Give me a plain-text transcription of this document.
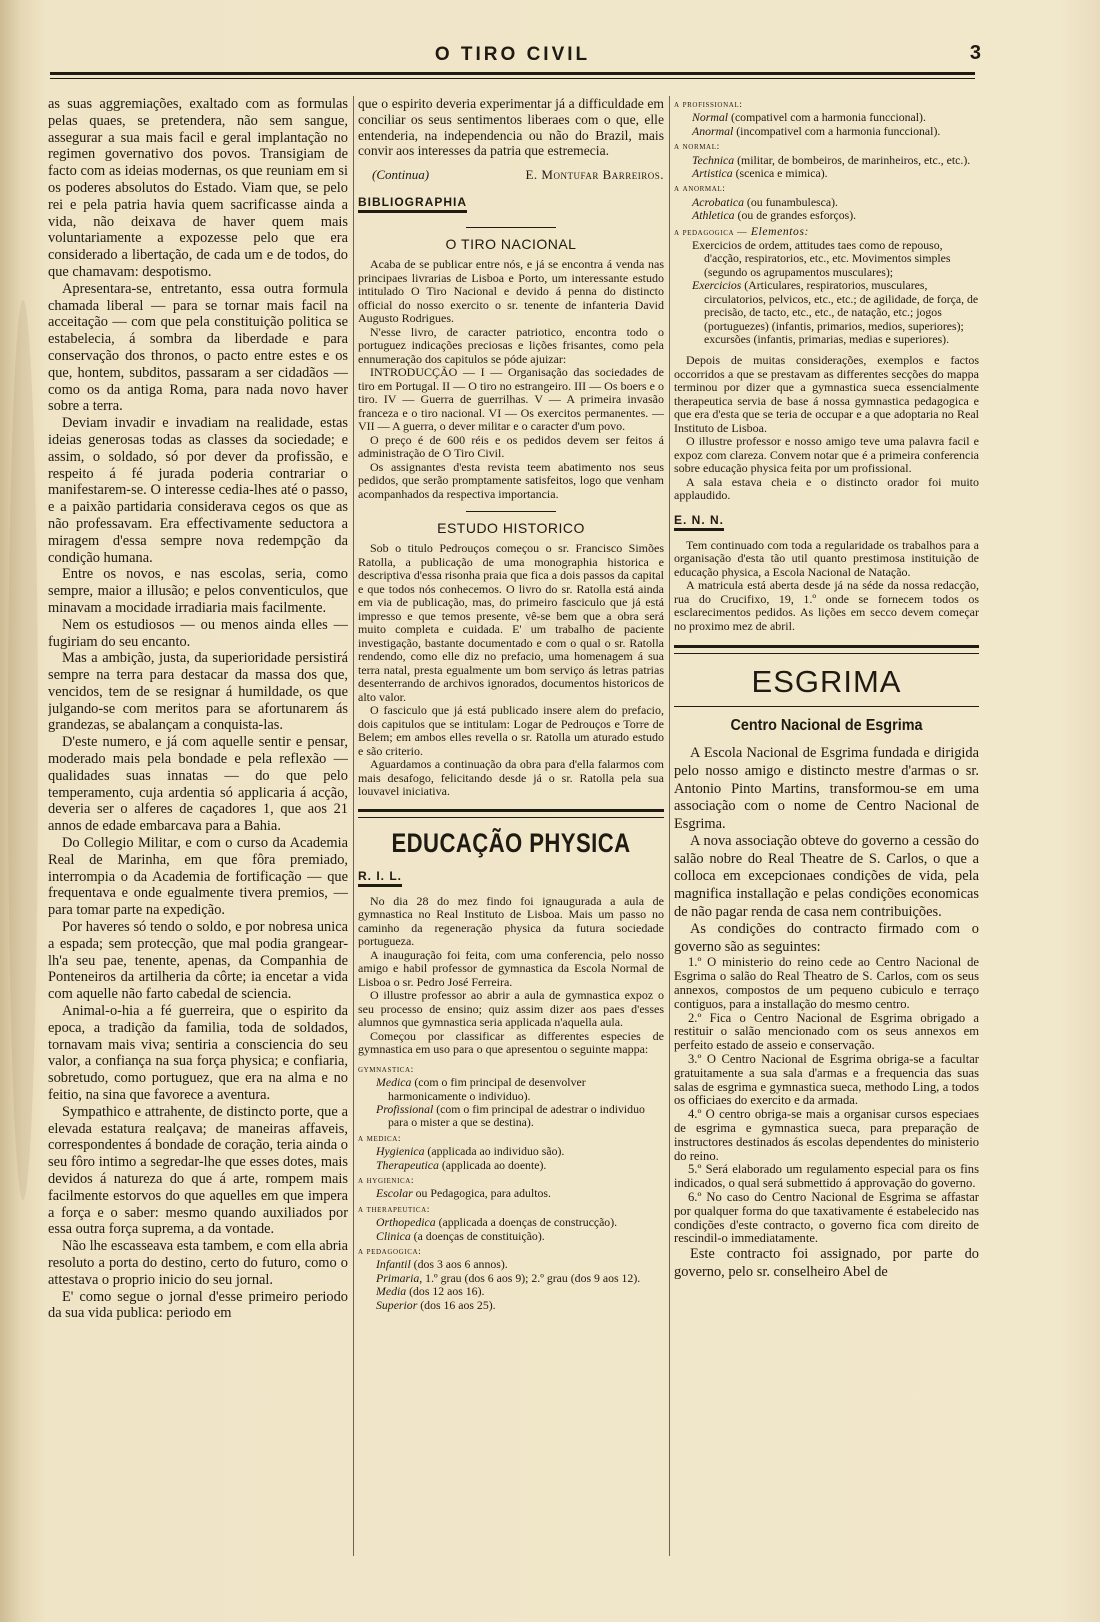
O TIRO CIVIL	3

as suas aggremiações, exaltado com as formulas pelas quaes, se pretendera, não sem sangue, assegurar a sua mais facil e geral implantação no regimen governativo dos povos. Transigiam de facto com as ideias modernas, os que reuniam em si os poderes absolutos do Estado. Viam que, se pelo rei e pela patria havia quem sacrificasse ainda a vida, não deixava de haver quem mais voluntariamente a expozesse pelo que era considerado a libertação, de cada um e de todos, do que chamavam: despotismo.

Apresentara-se, entretanto, essa outra formula chamada liberal — para se tornar mais facil na acceitação — com que pela constituição politica se estabelecia, á sombra da liberdade e para conservação dos thronos, o pacto entre estes e os que, hontem, subditos, passaram a ser cidadãos — como os da antiga Roma, para nada novo haver sobre a terra.

Deviam invadir e invadiam na realidade, estas ideias generosas todas as classes da sociedade; e assim, o soldado, só por dever da profissão, e respeito á fé jurada poderia contrariar o manifestarem-se. O interesse cedia-lhes até o passo, e a paixão partidaria considerava cegos os que as não professavam. Era effectivamente seductora a miragem d'essa sempre nova redempção da condição humana.

Entre os novos, e nas escolas, seria, como sempre, maior a illusão; e pelos conventiculos, que minavam a mocidade irradiaria mais facilmente.

Nem os estudiosos — ou menos ainda elles — fugiriam do seu encanto.

Mas a ambição, justa, da superioridade persistirá sempre na terra para destacar da massa dos que, vencidos, tem de se resignar á humildade, os que julgando-se com meritos para se afortunarem ás grandezas, se abalançam a conquista-las.

D'este numero, e já com aquelle sentir e pensar, moderado mais pela bondade e pela reflexão — qualidades suas innatas — do que pelo temperamento, cuja ardentia só applicaria á acção, deveria ser o alferes de caçadores 1, que aos 21 annos de edade embarcava para a Bahia.

Do Collegio Militar, e com o curso da Academia Real de Marinha, em que fôra premiado, interrompia o da Academia de fortificação — que frequentava e onde egualmente tivera premios, — para tomar parte na expedição.

Por haveres só tendo o soldo, e por nobresa unica a espada; sem protecção, que mal podia grangear-lh'a seu pae, tenente, apenas, da Companhia de Ponteneiros da artilheria da côrte; ia encetar a vida com aquelle não farto cabedal de sciencia.

Animal-o-hia a fé guerreira, que o espirito da epoca, a tradição da familia, toda de soldados, tornavam mais viva; sentiria a consciencia do seu valor, a confiança na sua força physica; e confiaria, sobretudo, como portuguez, que era na alma e no feitio, na sina que favorece a aventura.

Sympathico e attrahente, de distincto porte, que a elevada estatura realçava; de maneiras affaveis, correspondentes á bondade de coração, teria ainda o seu fôro intimo a segredar-lhe que esses dotes, mais devidos á natureza do que á arte, rompem mais facilmente estorvos do que aquelles em que impera a força e o saber: mesmo quando auxiliados por essa outra força suprema, a da vontade.

Não lhe escasseava esta tambem, e com ella abria resoluto a porta do destino, certo do futuro, como o attestava o proprio inicio do seu jornal.

E' como segue o jornal d'esse primeiro periodo da sua vida publica: periodo em

que o espirito deveria experimentar já a difficuldade em conciliar os seus sentimentos liberaes com o que, elle entenderia, na independencia ou não do Brazil, mais convir aos interesses da patria que estremecia.

(Continua)	E. Montufar Barreiros.
BIBLIOGRAPHIA
O TIRO NACIONAL

Acaba de se publicar entre nós, e já se encontra á venda nas principaes livrarias de Lisboa e Porto, um interessante estudo intitulado O Tiro Nacional e devido á penna do distincto official do nosso exercito o sr. tenente de infanteria David Augusto Rodrigues.

N'esse livro, de caracter patriotico, encontra todo o portuguez indicações preciosas e lições frisantes, como pela ennumeração dos capitulos se póde ajuizar:

INTRODUCÇÃO — I — Organisação das sociedades de tiro em Portugal. II — O tiro no estrangeiro. III — Os boers e o tiro. IV — Guerra de guerrilhas. V — A primeira invasão franceza e o tiro nacional. VI — Os exercitos permanentes. — VII — A guerra, o dever militar e o caracter d'um povo.

O preço é de 600 réis e os pedidos devem ser feitos á administração de O Tiro Civil.

Os assignantes d'esta revista teem abatimento nos seus pedidos, que serão promptamente satisfeitos, logo que venham acompanhados da respectiva importancia.

ESTUDO HISTORICO

Sob o titulo Pedrouços começou o sr. Francisco Simões Ratolla, a publicação de uma monographia historica e descriptiva d'essa risonha praia que fica a dois passos da capital e que todos nós conhecemos. O livro do sr. Ratolla está ainda em via de publicação, mas, do primeiro fasciculo que já está impresso e que temos presente, vê-se bem que a obra será muito completa e cuidada. E' um trabalho de paciente investigação, bastante documentado e com o qual o sr. Ratolla rendendo, como elle diz no prefacio, uma homenagem á sua terra natal, presta egualmente um bom serviço ás letras patrias desenterrando de archivos ignorados, documentos historicos de alto valor.

O fasciculo que já está publicado insere alem do prefacio, dois capitulos que se intitulam: Logar de Pedrouços e Torre de Belem; em ambos elles revella o sr. Ratolla um aturado estudo e são criterio.

Aguardamos a continuação da obra para d'ella falarmos com mais desafogo, felicitando desde já o sr. Ratolla pela sua louvavel iniciativa.

EDUCAÇÃO PHYSICA
R. I. L.

No dia 28 do mez findo foi ignaugurada a aula de gymnastica no Real Instituto de Lisboa. Mais um passo no caminho da regeneração physica da futura sociedade portugueza.

A inauguração foi feita, com uma conferencia, pelo nosso amigo e habil professor de gymnastica da Escola Normal de Lisboa o sr. Pedro José Ferreira.

O illustre professor ao abrir a aula de gymnastica expoz o seu processo de ensino; quiz assim dizer aos paes d'esses alumnos que gymnastica seria applicada n'aquella aula.

Começou por classificar as differentes especies de gymnastica em uso para o que apresentou o seguinte mappa:

gymnastica:
Medica (com o fim principal de desenvolver harmonicamente o individuo).
Profissional (com o fim principal de adestrar o individuo para o mister a que se destina).
a medica:
Hygienica (applicada ao individuo são).
Therapeutica (applicada ao doente).
a hygienica:
Escolar ou Pedagogica, para adultos.
a therapeutica:
Orthopedica (applicada a doenças de construcção).
Clinica (a doenças de constituição).
a pedagogica:
Infantil (dos 3 aos 6 annos).
Primaria, 1.º grau (dos 6 aos 9); 2.º grau (dos 9 aos 12).
Media (dos 12 aos 16).
Superior (dos 16 aos 25).
a profissional:
Normal (compativel com a harmonia funccional).
Anormal (incompativel com a harmonia funccional).
a normal:
Technica (militar, de bombeiros, de marinheiros, etc., etc.).
Artistica (scenica e mimica).
a anormal:
Acrobatica (ou funambulesca).
Athletica (ou de grandes esforços).
a pedagogica — Elementos:
Exercicios de ordem, attitudes taes como de repouso, d'acção, respiratorios, etc., etc. Movimentos simples (segundo os agrupamentos musculares);
Exercicios (Articulares, respiratorios, musculares, circulatorios, pelvicos, etc., etc.; de agilidade, de força, de precisão, de tacto, etc., etc., de natação, etc.; jogos (portuguezes) (infantis, primarios, medios, superiores); excursões (infantis, primarias, medias e superiores).

Depois de muitas considerações, exemplos e factos occorridos a que se prestavam as differentes secções do mappa terminou por dizer que a gymnastica sueca essencialmente therapeutica servia de base á nossa gymnastica pedagogica e que era d'esta que se teria de occupar e a que adoptaria no Real Instituto de Lisboa.

O illustre professor e nosso amigo teve uma palavra facil e expoz com clareza. Convem notar que é a primeira conferencia sobre educação physica feita por um profissional.

A sala estava cheia e o distincto orador foi muito applaudido.

E. N. N.

Tem continuado com toda a regularidade os trabalhos para a organisação d'esta tão util quanto prestimosa instituição de educação physica, a Escola Nacional de Natação.

A matricula está aberta desde já na séde da nossa redacção, rua do Crucifixo, 19, 1.º onde se fornecem todos os esclarecimentos pedidos. As lições em secco devem começar no proximo mez de abril.

ESGRIMA
Centro Nacional de Esgrima

A Escola Nacional de Esgrima fundada e dirigida pelo nosso amigo e distincto mestre d'armas o sr. Antonio Pinto Martins, transformou-se em uma associação com o nome de Centro Nacional de Esgrima.

A nova associação obteve do governo a cessão do salão nobre do Real Theatre de S. Carlos, o que a colloca em excepcionaes condições de vida, pela magnifica installação e pelas condições economicas de não pagar renda de casa nem contribuições.

As condições do contracto firmado com o governo são as seguintes:

1.º O ministerio do reino cede ao Centro Nacional de Esgrima o salão do Real Theatro de S. Carlos, com os seus annexos, compostos de um pequeno cubiculo e terraço contiguos, para a installação do mesmo centro.

2.º Fica o Centro Nacional de Esgrima obrigado a restituir o salão mencionado com os seus annexos em perfeito estado de asseio e conservação.

3.º O Centro Nacional de Esgrima obriga-se a facultar gratuitamente a sua sala d'armas e a frequencia das suas salas de esgrima e gymnastica sueca, methodo Ling, a todos os officiaes do exercito e da armada.

4.º O centro obriga-se mais a organisar cursos especiaes de esgrima e gymnastica sueca, para preparação de instructores destinados ás escolas dependentes do ministerio do reino.

5.º Será elaborado um regulamento especial para os fins indicados, o qual será submettido á approvação do governo.

6.º No caso do Centro Nacional de Esgrima se affastar por qualquer forma do que taxativamente é estabelecido nas condições d'este contracto, o governo fica com direito de rescindil-o immediatamente.

Este contracto foi assignado, por parte do governo, pelo sr. conselheiro Abel de
